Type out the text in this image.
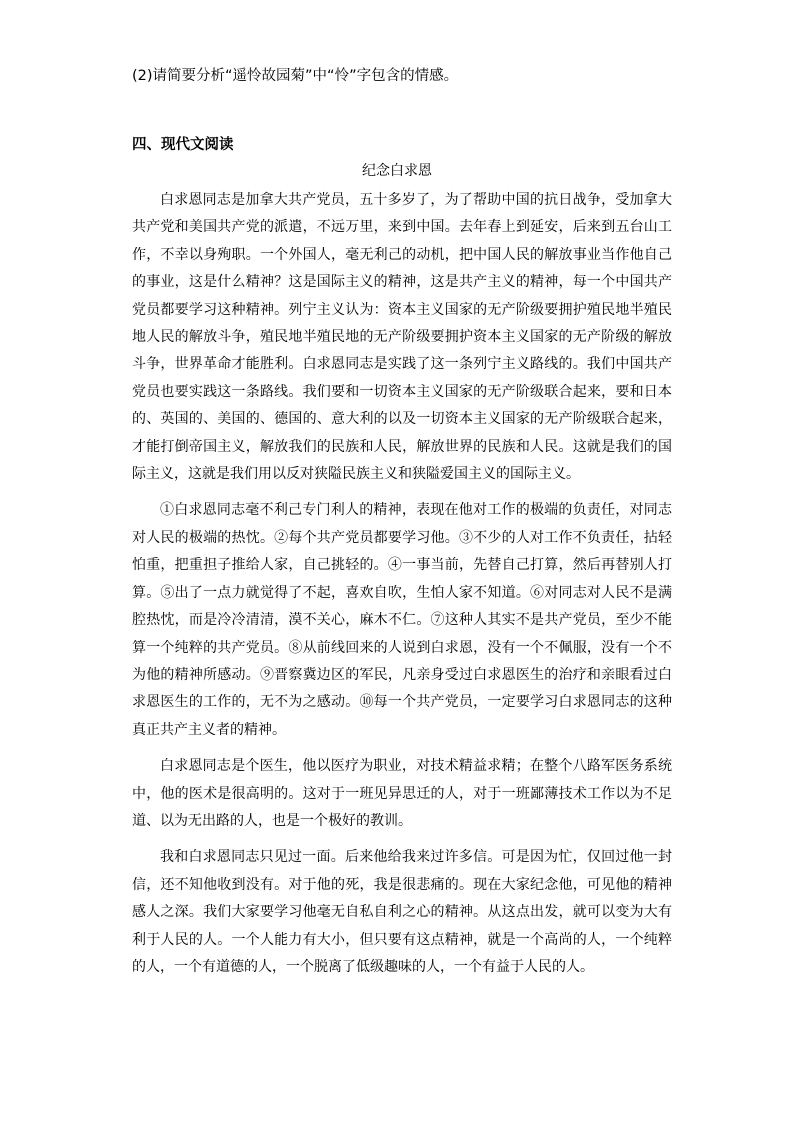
(2)请简要分析“遥怜故园菊”中“怜”字包含的情感。
四、现代文阅读
纪念白求恩

白求恩同志是加拿大共产党员，五十多岁了，为了帮助中国的抗日战争，受加拿大共产党和美国共产党的派遣，不远万里，来到中国。去年春上到延安，后来到五台山工作，不幸以身殉职。一个外国人，毫无利己的动机，把中国人民的解放事业当作他自己的事业，这是什么精神？这是国际主义的精神，这是共产主义的精神，每一个中国共产党员都要学习这种精神。列宁主义认为：资本主义国家的无产阶级要拥护殖民地半殖民地人民的解放斗争，殖民地半殖民地的无产阶级要拥护资本主义国家的无产阶级的解放斗争，世界革命才能胜利。白求恩同志是实践了这一条列宁主义路线的。我们中国共产党员也要实践这一条路线。我们要和一切资本主义国家的无产阶级联合起来，要和日本的、英国的、美国的、德国的、意大利的以及一切资本主义国家的无产阶级联合起来，才能打倒帝国主义，解放我们的民族和人民，解放世界的民族和人民。这就是我们的国际主义，这就是我们用以反对狭隘民族主义和狭隘爱国主义的国际主义。

①白求恩同志毫不利己专门利人的精神，表现在他对工作的极端的负责任，对同志对人民的极端的热忱。②每个共产党员都要学习他。③不少的人对工作不负责任，拈轻怕重，把重担子推给人家，自己挑轻的。④一事当前，先替自己打算，然后再替别人打算。⑤出了一点力就觉得了不起，喜欢自吹，生怕人家不知道。⑥对同志对人民不是满腔热忱，而是冷冷清清，漠不关心，麻木不仁。⑦这种人其实不是共产党员，至少不能算一个纯粹的共产党员。⑧从前线回来的人说到白求恩，没有一个不佩服，没有一个不为他的精神所感动。⑨晋察冀边区的军民，凡亲身受过白求恩医生的治疗和亲眼看过白求恩医生的工作的，无不为之感动。⑩每一个共产党员，一定要学习白求恩同志的这种真正共产主义者的精神。

白求恩同志是个医生，他以医疗为职业，对技术精益求精；在整个八路军医务系统中，他的医术是很高明的。这对于一班见异思迁的人，对于一班鄙薄技术工作以为不足道、以为无出路的人，也是一个极好的教训。

我和白求恩同志只见过一面。后来他给我来过许多信。可是因为忙，仅回过他一封信，还不知他收到没有。对于他的死，我是很悲痛的。现在大家纪念他，可见他的精神感人之深。我们大家要学习他毫无自私自利之心的精神。从这点出发，就可以变为大有利于人民的人。一个人能力有大小，但只要有这点精神，就是一个高尚的人，一个纯粹的人，一个有道德的人，一个脱离了低级趣味的人，一个有益于人民的人。
